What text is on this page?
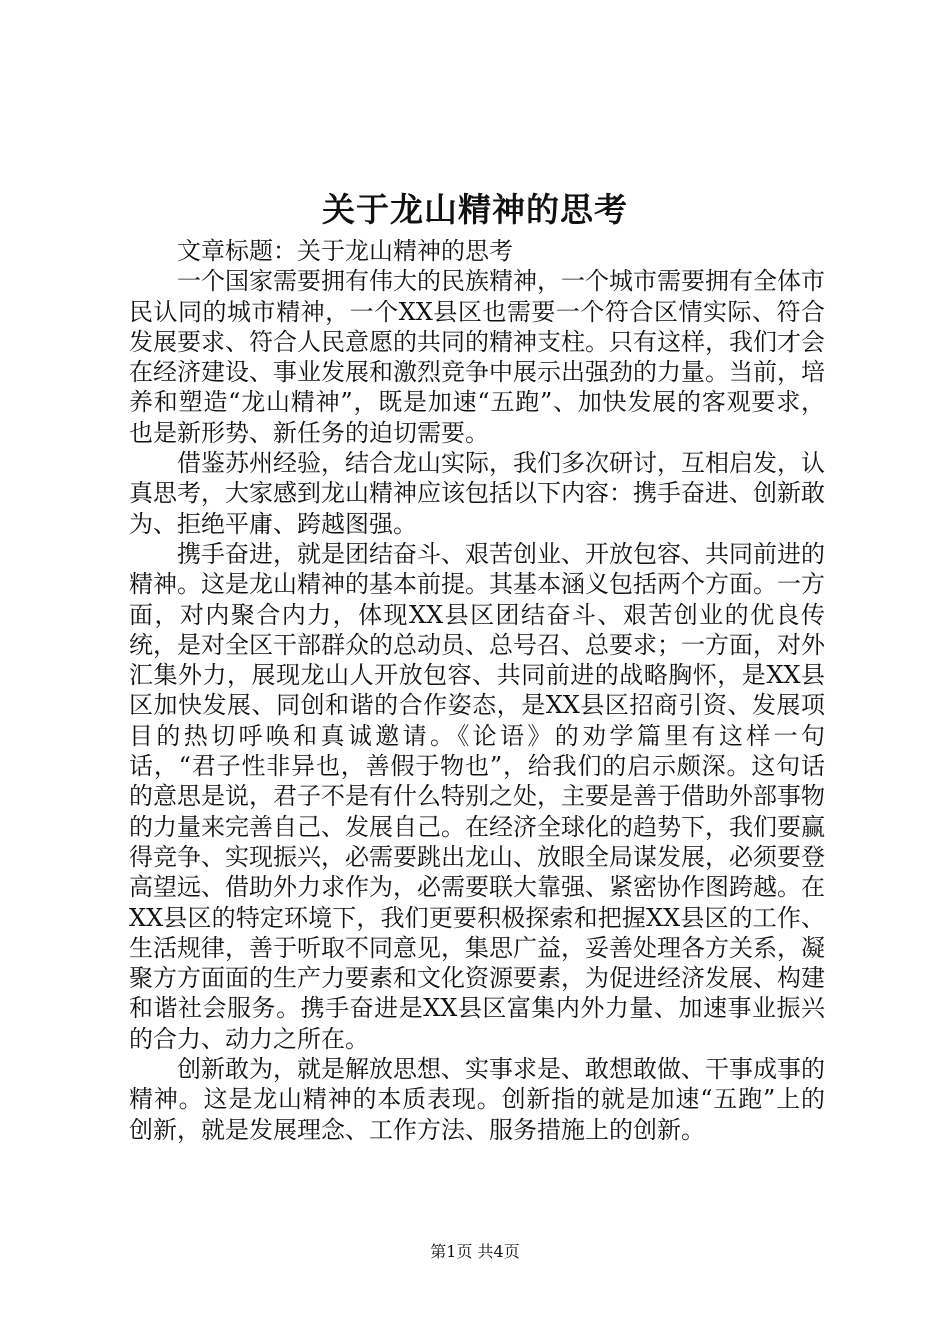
关于龙山精神的思考

文章标题：关于龙山精神的思考

一个国家需要拥有伟大的民族精神，一个城市需要拥有全体市民认同的城市精神，一个XX县区也需要一个符合区情实际、符合发展要求、符合人民意愿的共同的精神支柱。只有这样，我们才会在经济建设、事业发展和激烈竞争中展示出强劲的力量。当前，培养和塑造“龙山精神”，既是加速“五跑”、加快发展的客观要求，也是新形势、新任务的迫切需要。

借鉴苏州经验，结合龙山实际，我们多次研讨，互相启发，认真思考，大家感到龙山精神应该包括以下内容：携手奋进、创新敢为、拒绝平庸、跨越图强。

携手奋进，就是团结奋斗、艰苦创业、开放包容、共同前进的精神。这是龙山精神的基本前提。其基本涵义包括两个方面。一方面，对内聚合内力，体现XX县区团结奋斗、艰苦创业的优良传统，是对全区干部群众的总动员、总号召、总要求；一方面，对外汇集外力，展现龙山人开放包容、共同前进的战略胸怀，是XX县区加快发展、同创和谐的合作姿态，是XX县区招商引资、发展项目的热切呼唤和真诚邀请。《论语》的劝学篇里有这样一句话，“君子性非异也，善假于物也”，给我们的启示颇深。这句话的意思是说，君子不是有什么特别之处，主要是善于借助外部事物的力量来完善自己、发展自己。在经济全球化的趋势下，我们要赢得竞争、实现振兴，必需要跳出龙山、放眼全局谋发展，必须要登高望远、借助外力求作为，必需要联大靠强、紧密协作图跨越。在XX县区的特定环境下，我们更要积极探索和把握XX县区的工作、生活规律，善于听取不同意见，集思广益，妥善处理各方关系，凝聚方方面面的生产力要素和文化资源要素，为促进经济发展、构建和谐社会服务。携手奋进是XX县区富集内外力量、加速事业振兴的合力、动力之所在。

创新敢为，就是解放思想、实事求是、敢想敢做、干事成事的精神。这是龙山精神的本质表现。创新指的就是加速“五跑”上的创新，就是发展理念、工作方法、服务措施上的创新。

第1页 共4页
